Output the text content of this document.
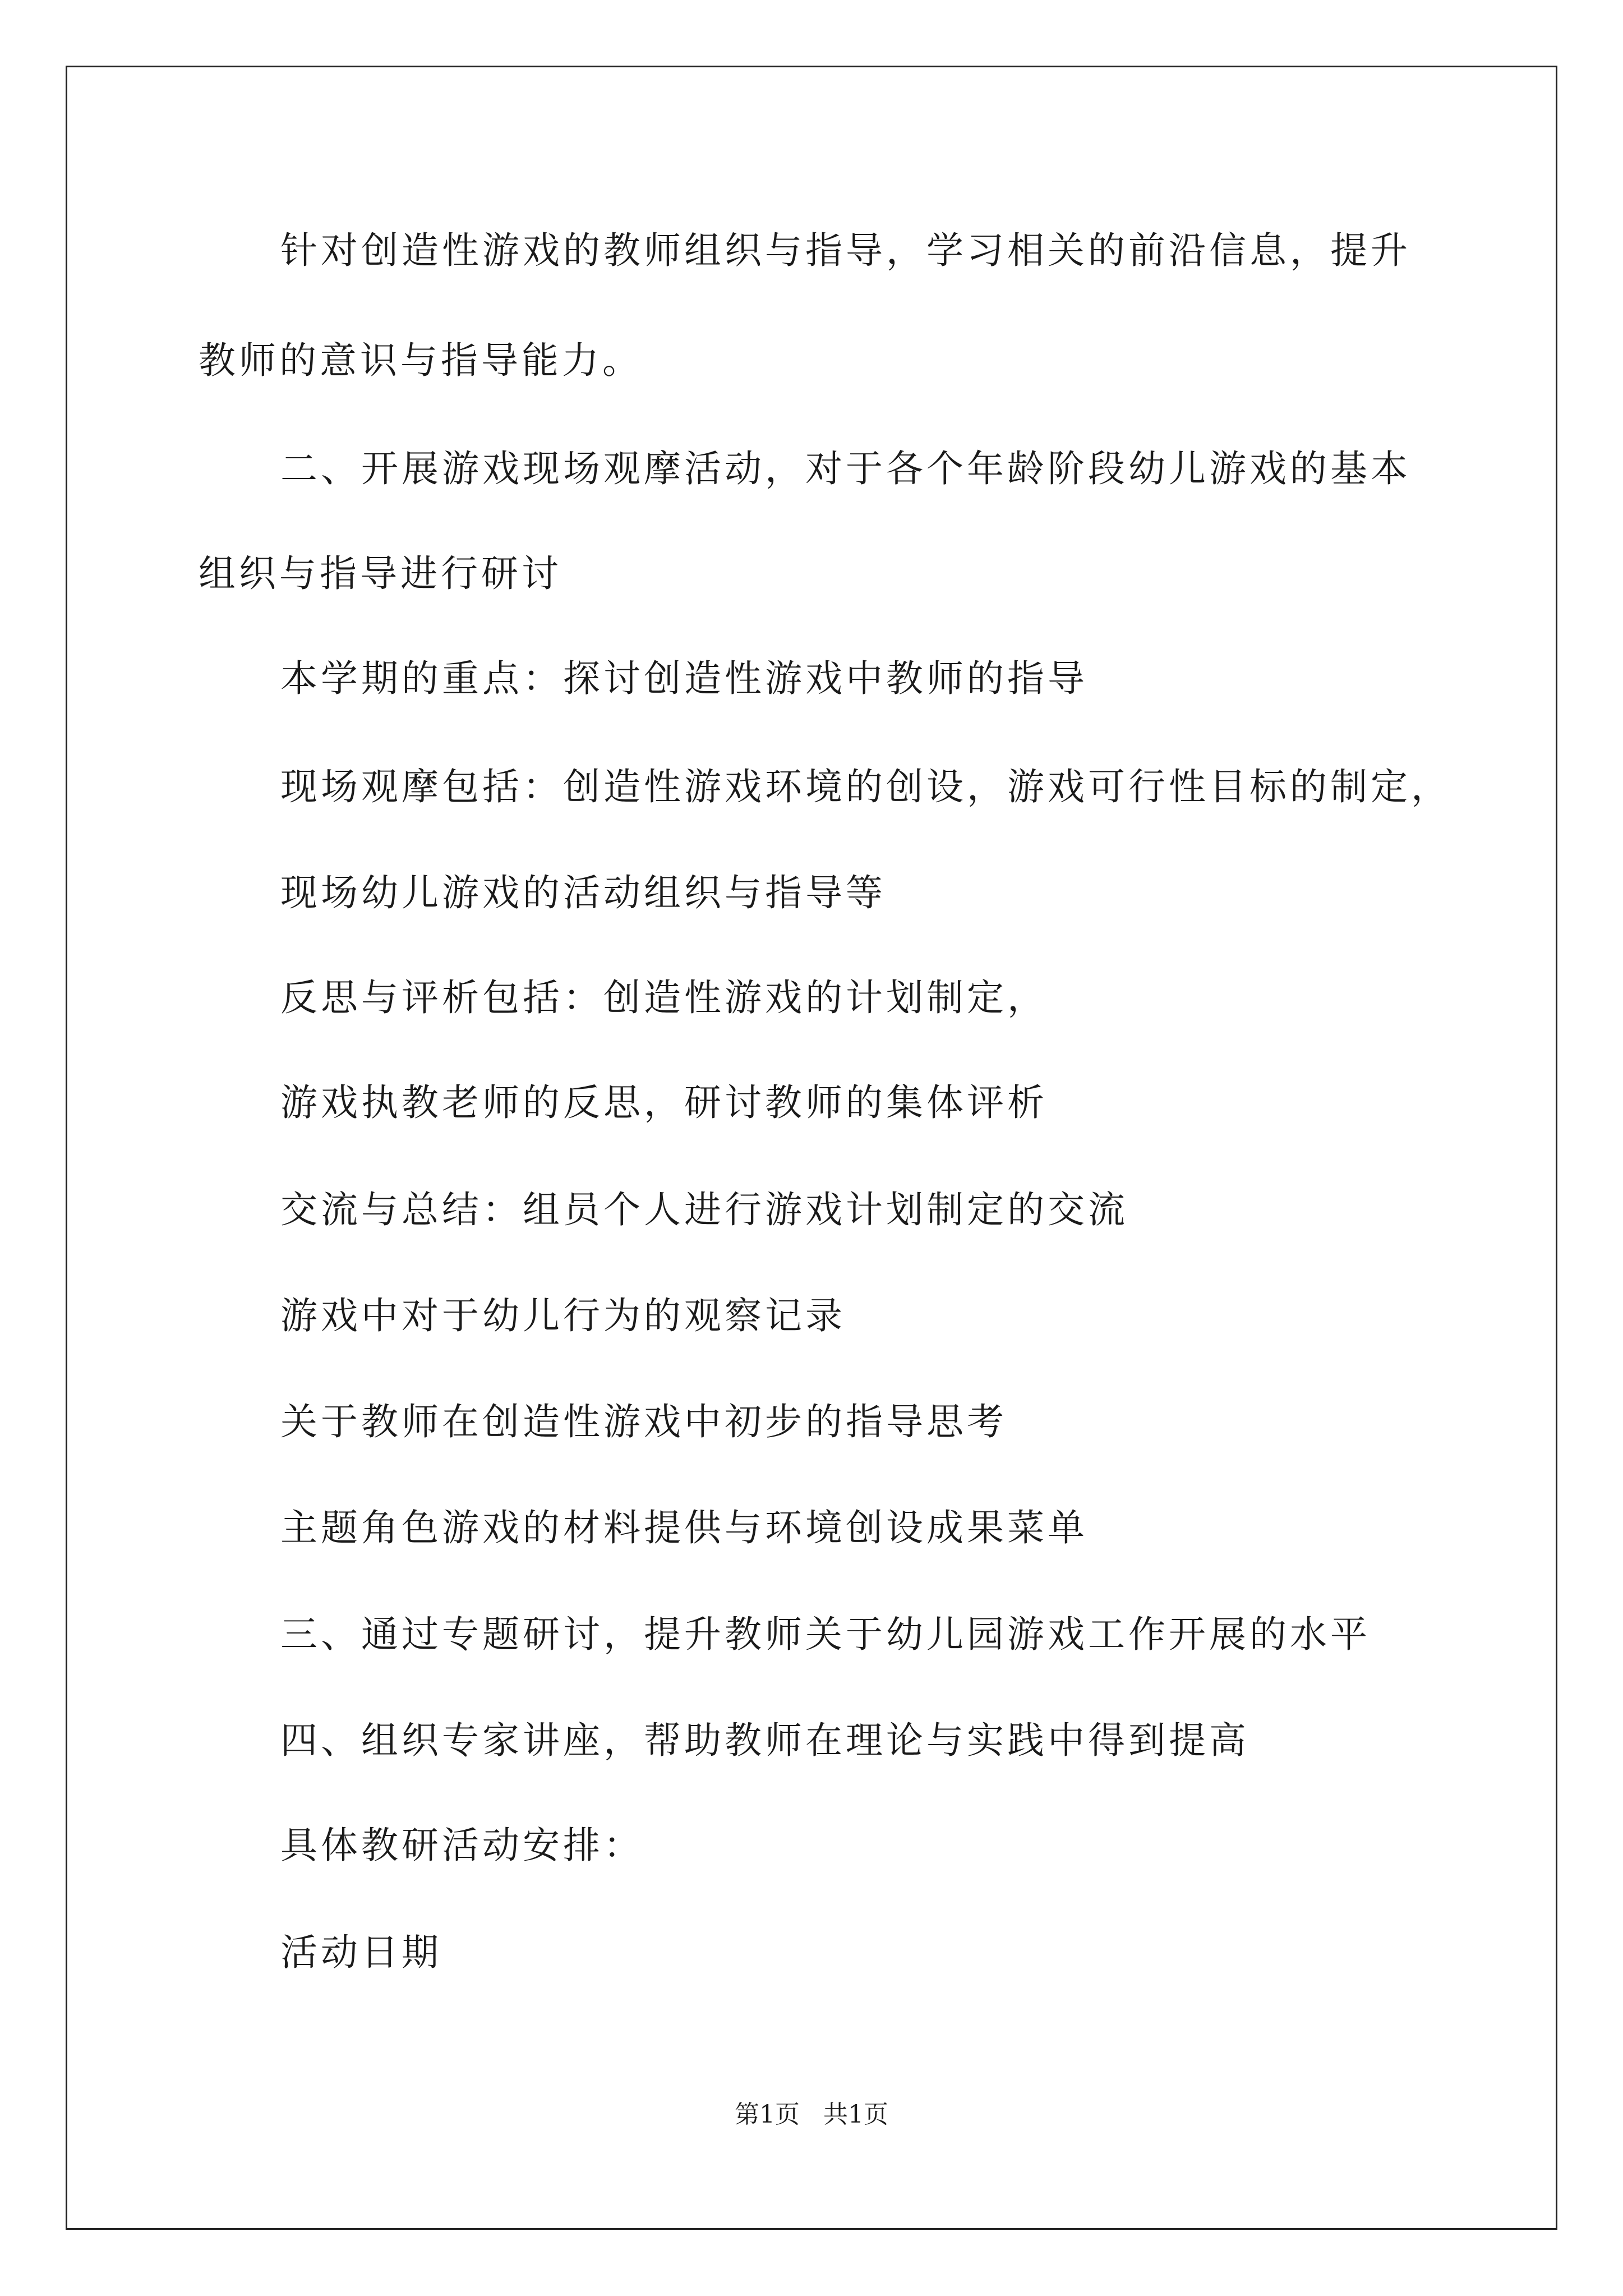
针对创造性游戏的教师组织与指导，学习相关的前沿信息，提升
教师的意识与指导能力。
二、开展游戏现场观摩活动，对于各个年龄阶段幼儿游戏的基本
组织与指导进行研讨
本学期的重点：探讨创造性游戏中教师的指导
现场观摩包括：创造性游戏环境的创设，游戏可行性目标的制定，
现场幼儿游戏的活动组织与指导等
反思与评析包括：创造性游戏的计划制定，
游戏执教老师的反思，研讨教师的集体评析
交流与总结：组员个人进行游戏计划制定的交流
游戏中对于幼儿行为的观察记录
关于教师在创造性游戏中初步的指导思考
主题角色游戏的材料提供与环境创设成果菜单
三、通过专题研讨，提升教师关于幼儿园游戏工作开展的水平
四、组织专家讲座，帮助教师在理论与实践中得到提高
具体教研活动安排：
活动日期
第1页   共1页
